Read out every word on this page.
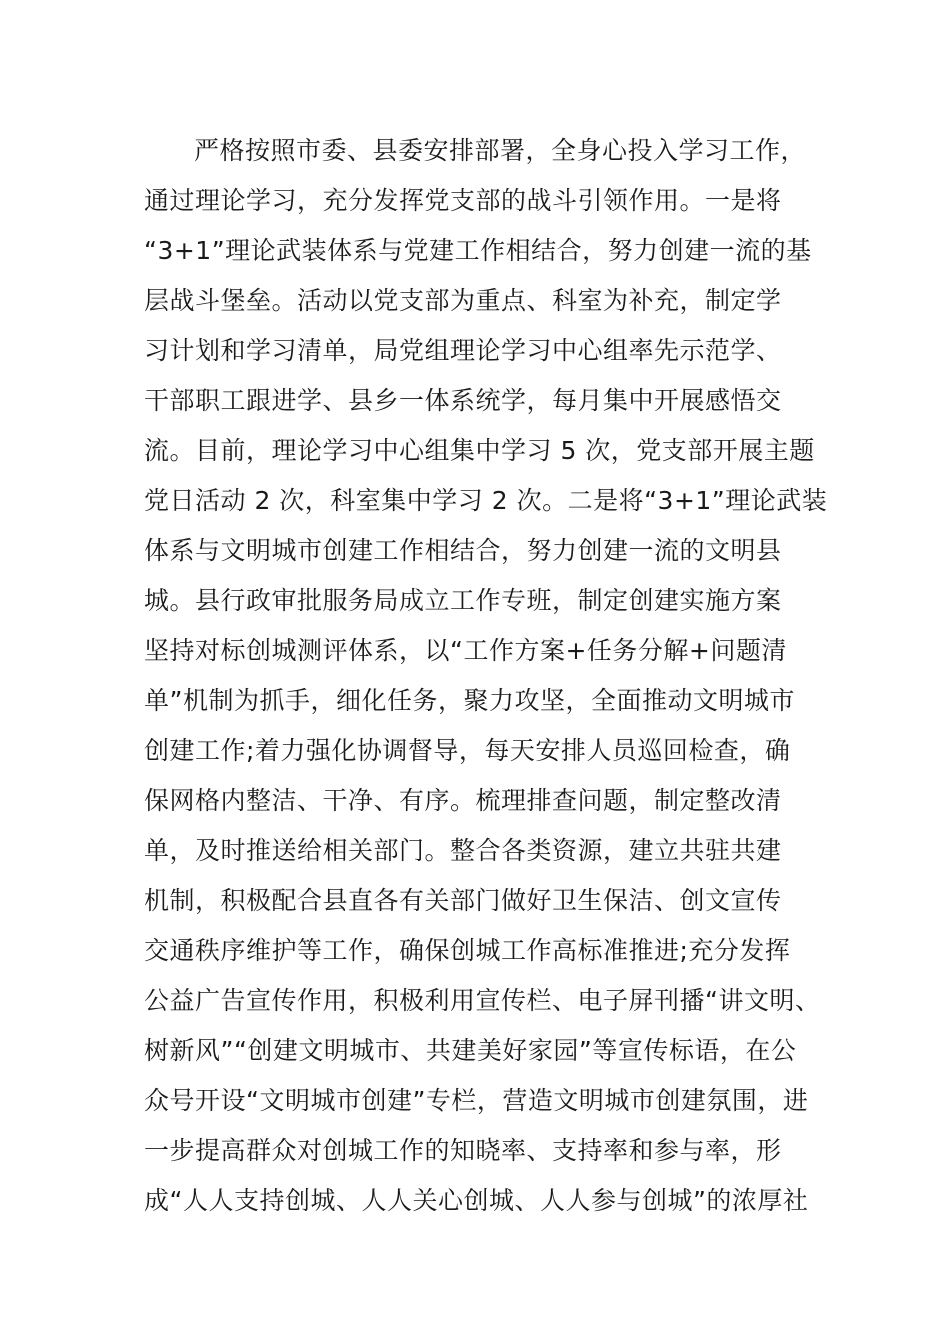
严格按照市委、县委安排部署，全身心投入学习工作，
通过理论学习，充分发挥党支部的战斗引领作用。一是将
“3+1”理论武装体系与党建工作相结合，努力创建一流的基
层战斗堡垒。活动以党支部为重点、科室为补充，制定学
习计划和学习清单，局党组理论学习中心组率先示范学、
干部职工跟进学、县乡一体系统学，每月集中开展感悟交
流。目前，理论学习中心组集中学习 5 次，党支部开展主题
党日活动 2 次，科室集中学习 2 次。二是将“3+1”理论武装
体系与文明城市创建工作相结合，努力创建一流的文明县
城。县行政审批服务局成立工作专班，制定创建实施方案
坚持对标创城测评体系，以“工作方案+任务分解+问题清
单”机制为抓手，细化任务，聚力攻坚，全面推动文明城市
创建工作;着力强化协调督导，每天安排人员巡回检查，确
保网格内整洁、干净、有序。梳理排查问题，制定整改清
单，及时推送给相关部门。整合各类资源，建立共驻共建
机制，积极配合县直各有关部门做好卫生保洁、创文宣传
交通秩序维护等工作，确保创城工作高标准推进;充分发挥
公益广告宣传作用，积极利用宣传栏、电子屏刊播“讲文明、
树新风”“创建文明城市、共建美好家园”等宣传标语，在公
众号开设“文明城市创建”专栏，营造文明城市创建氛围，进
一步提高群众对创城工作的知晓率、支持率和参与率，形
成“人人支持创城、人人关心创城、人人参与创城”的浓厚社
